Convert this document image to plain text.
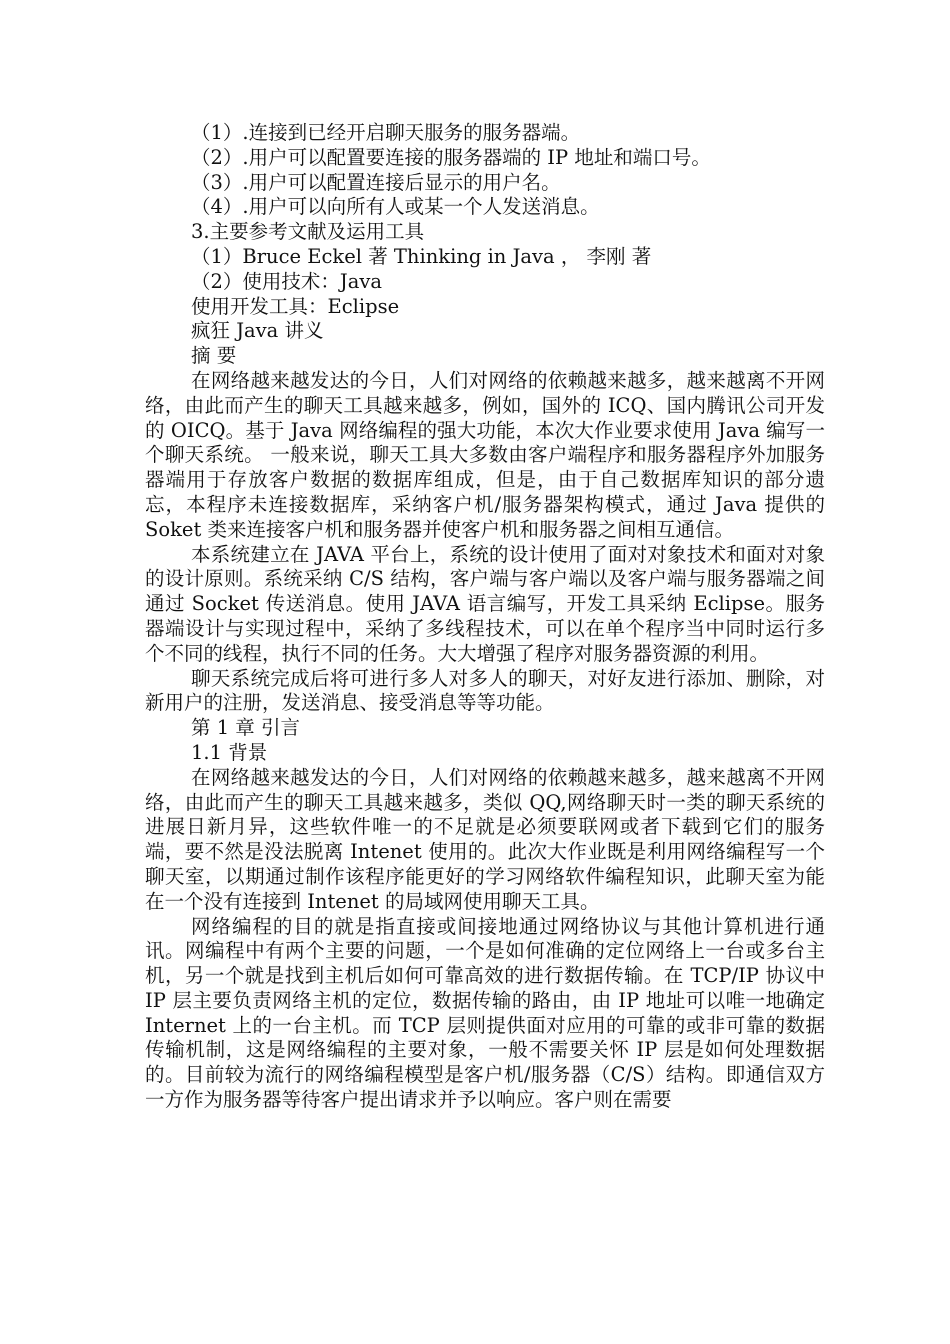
（1）.连接到已经开启聊天服务的服务器端。

（2）.用户可以配置要连接的服务器端的 IP 地址和端口号。

（3）.用户可以配置连接后显示的用户名。

（4）.用户可以向所有人或某一个人发送消息。

3.主要参考文献及运用工具

（1）Bruce Eckel 著 Thinking in Java ， 李刚 著

（2）使用技术：Java

使用开发工具：Eclipse

疯狂 Java 讲义

摘 要

在网络越来越发达的今日，人们对网络的依赖越来越多，越来越离不开网络，由此而产生的聊天工具越来越多，例如，国外的 ICQ、国内腾讯公司开发的 OICQ。基于 Java 网络编程的强大功能，本次大作业要求使用 Java 编写一个聊天系统。 一般来说，聊天工具大多数由客户端程序和服务器程序外加服务器端用于存放客户数据的数据库组成，但是，由于自己数据库知识的部分遗忘，本程序未连接数据库，采纳客户机/服务器架构模式，通过 Java 提供的 Soket 类来连接客户机和服务器并使客户机和服务器之间相互通信。

本系统建立在 JAVA 平台上，系统的设计使用了面对对象技术和面对对象的设计原则。系统采纳 C/S 结构，客户端与客户端以及客户端与服务器端之间通过 Socket 传送消息。使用 JAVA 语言编写，开发工具采纳 Eclipse。服务器端设计与实现过程中，采纳了多线程技术，可以在单个程序当中同时运行多个不同的线程，执行不同的任务。大大增强了程序对服务器资源的利用。

聊天系统完成后将可进行多人对多人的聊天，对好友进行添加、删除，对新用户的注册，发送消息、接受消息等等功能。

第 1 章 引言

1.1 背景

在网络越来越发达的今日，人们对网络的依赖越来越多，越来越离不开网络，由此而产生的聊天工具越来越多，类似 QQ,网络聊天时一类的聊天系统的进展日新月异，这些软件唯一的不足就是必须要联网或者下载到它们的服务端，要不然是没法脱离 Intenet 使用的。此次大作业既是利用网络编程写一个聊天室，以期通过制作该程序能更好的学习网络软件编程知识，此聊天室为能在一个没有连接到 Intenet 的局域网使用聊天工具。

网络编程的目的就是指直接或间接地通过网络协议与其他计算机进行通讯。网编程中有两个主要的问题，一个是如何准确的定位网络上一台或多台主机，另一个就是找到主机后如何可靠高效的进行数据传输。在 TCP/IP 协议中 IP 层主要负责网络主机的定位，数据传输的路由，由 IP 地址可以唯一地确定 Internet 上的一台主机。而 TCP 层则提供面对应用的可靠的或非可靠的数据传输机制，这是网络编程的主要对象，一般不需要关怀 IP 层是如何处理数据的。目前较为流行的网络编程模型是客户机/服务器（C/S）结构。即通信双方一方作为服务器等待客户提出请求并予以响应。客户则在需要
